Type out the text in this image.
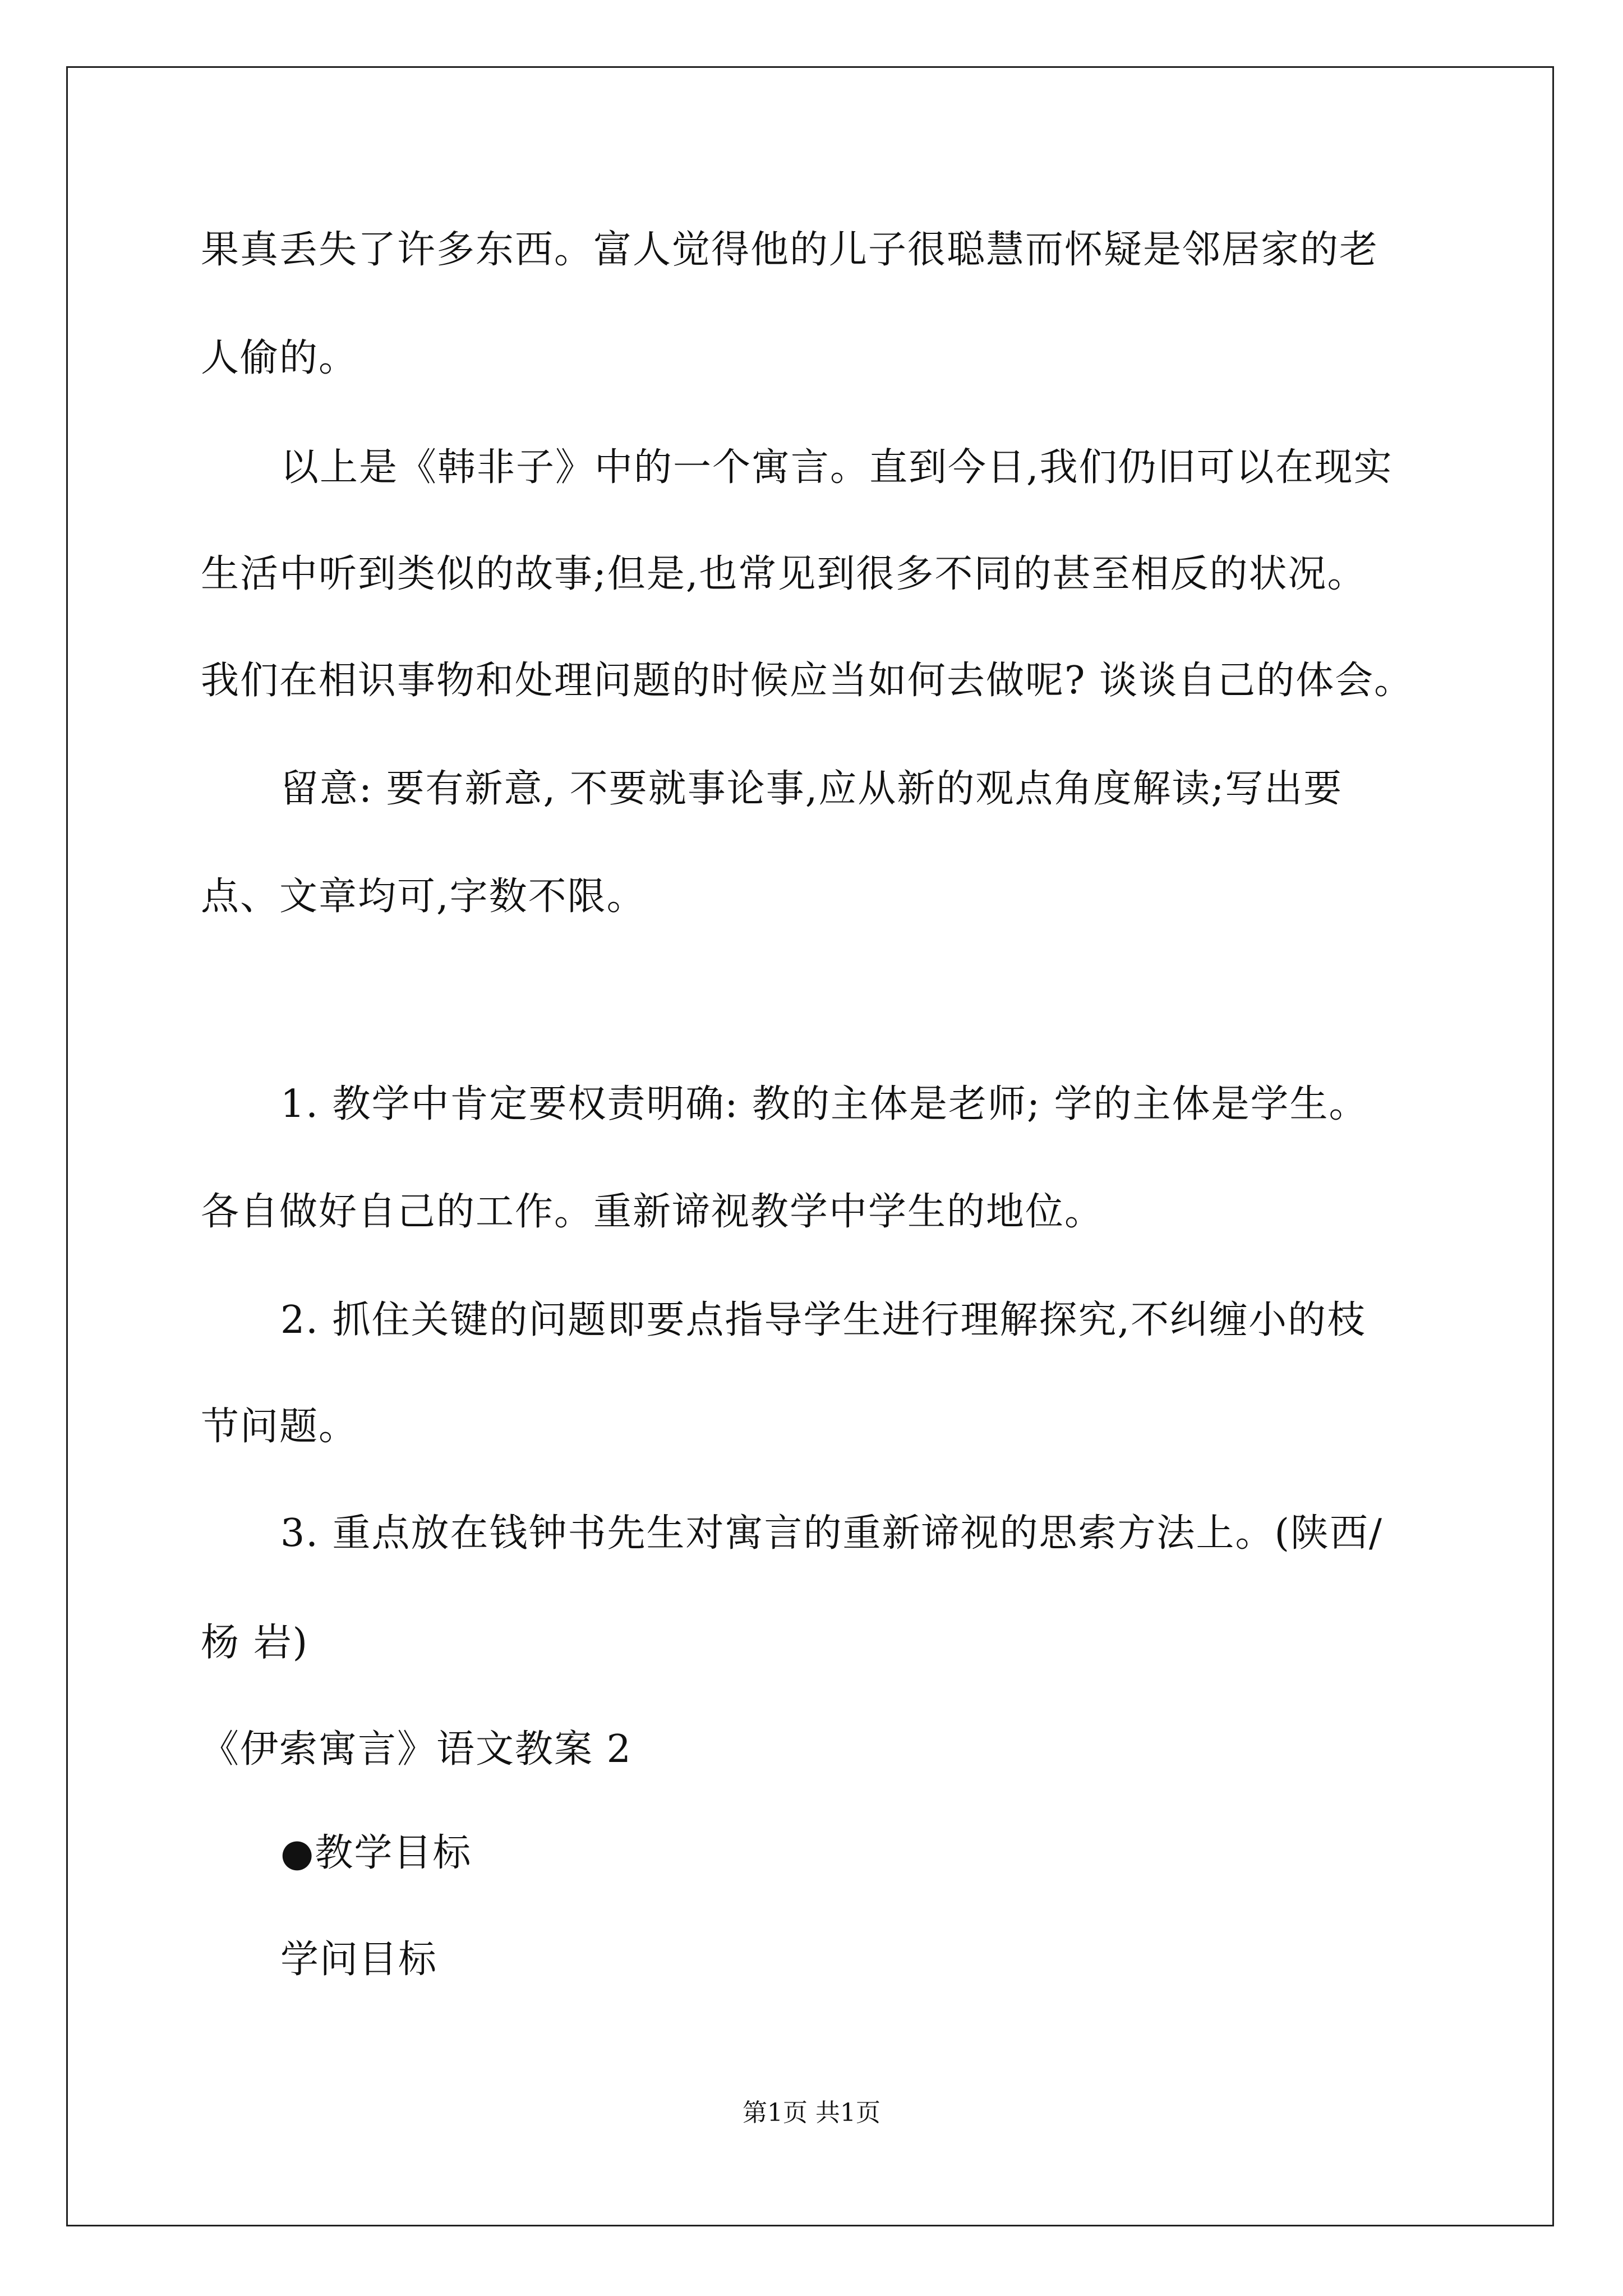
果真丢失了许多东西。富人觉得他的儿子很聪慧而怀疑是邻居家的老
人偷的。
以上是《韩非子》中的一个寓言。直到今日,我们仍旧可以在现实
生活中听到类似的故事;但是,也常见到很多不同的甚至相反的状况。
我们在相识事物和处理问题的时候应当如何去做呢? 谈谈自己的体会。
留意: 要有新意, 不要就事论事,应从新的观点角度解读;写出要
点、文章均可,字数不限。
1. 教学中肯定要权责明确: 教的主体是老师; 学的主体是学生。
各自做好自己的工作。重新谛视教学中学生的地位。
2. 抓住关键的问题即要点指导学生进行理解探究,不纠缠小的枝
节问题。
3. 重点放在钱钟书先生对寓言的重新谛视的思索方法上。(陕西/
杨 岩)
《伊索寓言》语文教案 2
●教学目标
学问目标
第1页 共1页
